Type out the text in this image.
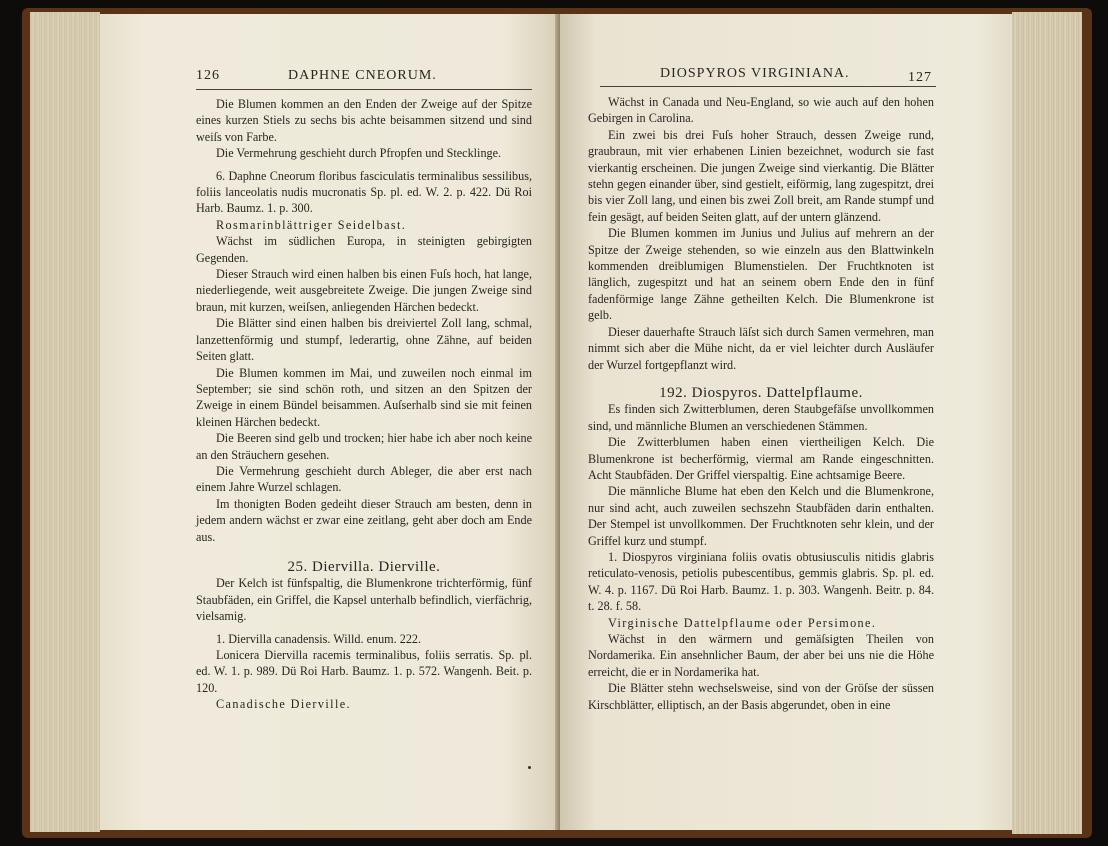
126	DAPHNE CNEORUM.

Die Blumen kommen an den Enden der Zweige auf der Spitze eines kurzen Stiels zu sechs bis achte beisammen sitzend und sind weiſs von Farbe.

Die Vermehrung geschieht durch Pfropfen und Stecklinge.

6. Daphne Cneorum floribus fasciculatis terminalibus sessilibus, foliis lanceolatis nudis mucronatis Sp. pl. ed. W. 2. p. 422. Dü Roi Harb. Baumz. 1. p. 300.

Rosmarinblättriger Seidelbast.

Wächst im südlichen Europa, in steinigten gebirgigten Gegenden.

Dieser Strauch wird einen halben bis einen Fuſs hoch, hat lange, niederliegende, weit ausgebreitete Zweige. Die jungen Zweige sind braun, mit kurzen, weiſsen, anliegenden Härchen bedeckt.

Die Blätter sind einen halben bis dreiviertel Zoll lang, schmal, lanzettenförmig und stumpf, lederartig, ohne Zähne, auf beiden Seiten glatt.

Die Blumen kommen im Mai, und zuweilen noch einmal im September; sie sind schön roth, und sitzen an den Spitzen der Zweige in einem Bündel beisammen. Auſserhalb sind sie mit feinen kleinen Härchen bedeckt.

Die Beeren sind gelb und trocken; hier habe ich aber noch keine an den Sträuchern gesehen.

Die Vermehrung geschieht durch Ableger, die aber erst nach einem Jahre Wurzel schlagen.

Im thonigten Boden gedeiht dieser Strauch am besten, denn in jedem andern wächst er zwar eine zeitlang, geht aber doch am Ende aus.

25. Diervilla. Dierville.

Der Kelch ist fünfspaltig, die Blumenkrone trichterförmig, fünf Staubfäden, ein Griffel, die Kapsel unterhalb befindlich, vierfächrig, vielsamig.

1. Diervilla canadensis. Willd. enum. 222.

Lonicera Diervilla racemis terminalibus, foliis serratis. Sp. pl. ed. W. 1. p. 989. Dü Roi Harb. Baumz. 1. p. 572. Wangenh. Beit. p. 120.

Canadische Dierville.

DIOSPYROS VIRGINIANA.	127

Wächst in Canada und Neu-England, so wie auch auf den hohen Gebirgen in Carolina.

Ein zwei bis drei Fuſs hoher Strauch, dessen Zweige rund, graubraun, mit vier erhabenen Linien bezeichnet, wodurch sie fast vierkantig erscheinen. Die jungen Zweige sind vierkantig. Die Blätter stehn gegen einander über, sind gestielt, eiförmig, lang zugespitzt, drei bis vier Zoll lang, und einen bis zwei Zoll breit, am Rande stumpf und fein gesägt, auf beiden Seiten glatt, auf der untern glänzend.

Die Blumen kommen im Junius und Julius auf mehrern an der Spitze der Zweige stehenden, so wie einzeln aus den Blattwinkeln kommenden dreiblumigen Blumenstielen. Der Fruchtknoten ist länglich, zugespitzt und hat an seinem obern Ende den in fünf fadenförmige lange Zähne getheilten Kelch. Die Blumenkrone ist gelb.

Dieser dauerhafte Strauch läſst sich durch Samen vermehren, man nimmt sich aber die Mühe nicht, da er viel leichter durch Ausläufer der Wurzel fortgepflanzt wird.

192. Diospyros. Dattelpflaume.

Es finden sich Zwitterblumen, deren Staubgefäſse unvollkommen sind, und männliche Blumen an verschiedenen Stämmen.

Die Zwitterblumen haben einen viertheiligen Kelch. Die Blumenkrone ist becherförmig, viermal am Rande eingeschnitten. Acht Staubfäden. Der Griffel vierspaltig. Eine achtsamige Beere.

Die männliche Blume hat eben den Kelch und die Blumenkrone, nur sind acht, auch zuweilen sechszehn Staubfäden darin enthalten. Der Stempel ist unvollkommen. Der Fruchtknoten sehr klein, und der Griffel kurz und stumpf.

1. Diospyros virginiana foliis ovatis obtusiusculis nitidis glabris reticulato-venosis, petiolis pubescentibus, gemmis glabris. Sp. pl. ed. W. 4. p. 1167. Dü Roi Harb. Baumz. 1. p. 303. Wangenh. Beitr. p. 84. t. 28. f. 58.

Virginische Dattelpflaume oder Persimone.

Wächst in den wärmern und gemäſsigten Theilen von Nordamerika. Ein ansehnlicher Baum, der aber bei uns nie die Höhe erreicht, die er in Nordamerika hat.

Die Blätter stehn wechselsweise, sind von der Gröſse der süssen Kirschblätter, elliptisch, an der Basis abgerundet, oben in eine
